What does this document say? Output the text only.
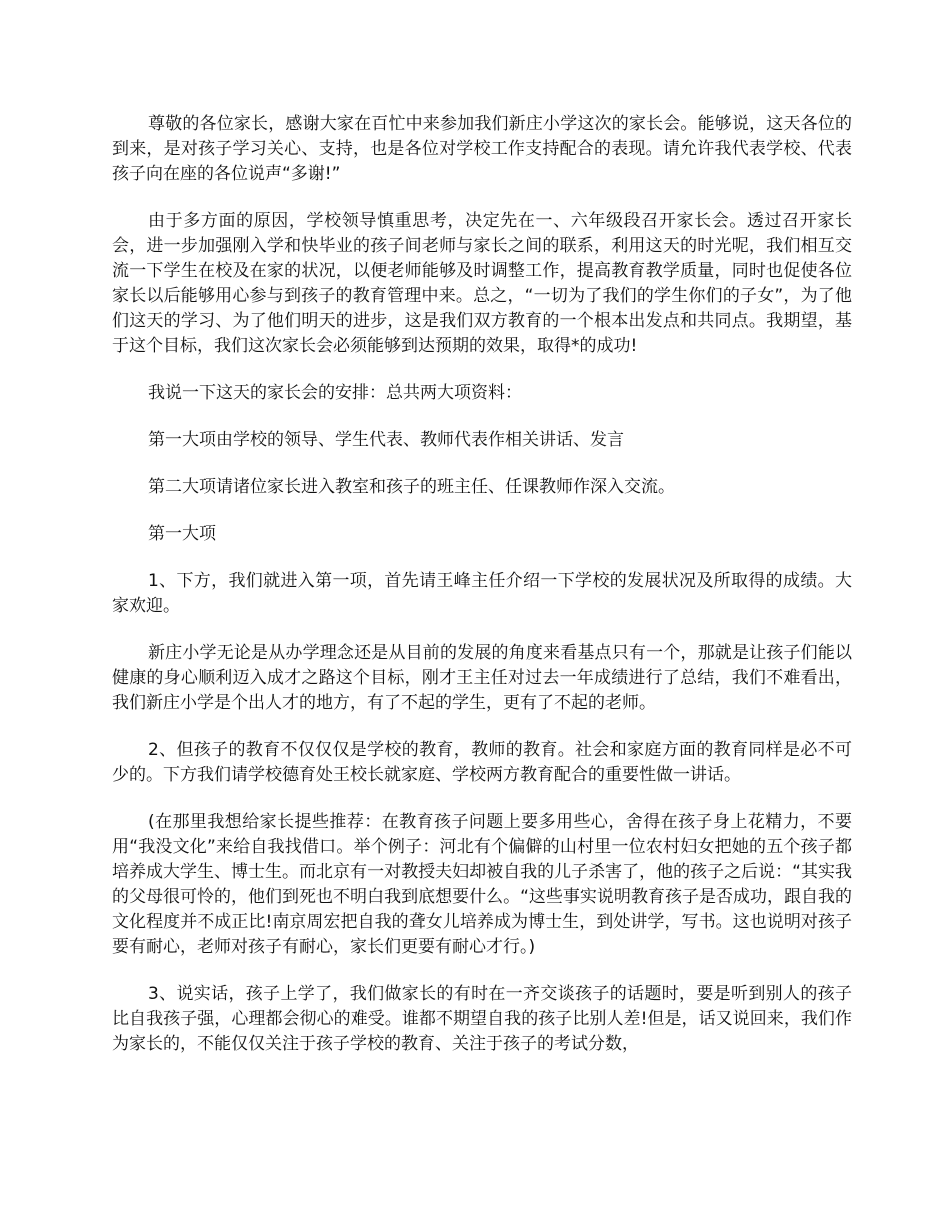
尊敬的各位家长，感谢大家在百忙中来参加我们新庄小学这次的家长会。能够说，这天各位的到来，是对孩子学习关心、支持，也是各位对学校工作支持配合的表现。请允许我代表学校、代表孩子向在座的各位说声“多谢!”

由于多方面的原因，学校领导慎重思考，决定先在一、六年级段召开家长会。透过召开家长会，进一步加强刚入学和快毕业的孩子间老师与家长之间的联系，利用这天的时光呢，我们相互交流一下学生在校及在家的状况，以便老师能够及时调整工作，提高教育教学质量，同时也促使各位家长以后能够用心参与到孩子的教育管理中来。总之，“一切为了我们的学生你们的子女”，为了他们这天的学习、为了他们明天的进步，这是我们双方教育的一个根本出发点和共同点。我期望，基于这个目标，我们这次家长会必须能够到达预期的效果，取得*的成功!

我说一下这天的家长会的安排：总共两大项资料：

第一大项由学校的领导、学生代表、教师代表作相关讲话、发言

第二大项请诸位家长进入教室和孩子的班主任、任课教师作深入交流。

第一大项

1、下方，我们就进入第一项，首先请王峰主任介绍一下学校的发展状况及所取得的成绩。大家欢迎。

新庄小学无论是从办学理念还是从目前的发展的角度来看基点只有一个，那就是让孩子们能以健康的身心顺利迈入成才之路这个目标，刚才王主任对过去一年成绩进行了总结，我们不难看出，我们新庄小学是个出人才的地方，有了不起的学生，更有了不起的老师。

2、但孩子的教育不仅仅仅是学校的教育，教师的教育。社会和家庭方面的教育同样是必不可少的。下方我们请学校德育处王校长就家庭、学校两方教育配合的重要性做一讲话。

(在那里我想给家长提些推荐：在教育孩子问题上要多用些心，舍得在孩子身上花精力，不要用“我没文化”来给自我找借口。举个例子：河北有个偏僻的山村里一位农村妇女把她的五个孩子都培养成大学生、博士生。而北京有一对教授夫妇却被自我的儿子杀害了，他的孩子之后说：“其实我的父母很可怜的，他们到死也不明白我到底想要什么。“这些事实说明教育孩子是否成功，跟自我的文化程度并不成正比!南京周宏把自我的聋女儿培养成为博士生，到处讲学，写书。这也说明对孩子要有耐心，老师对孩子有耐心，家长们更要有耐心才行。)

3、说实话，孩子上学了，我们做家长的有时在一齐交谈孩子的话题时，要是听到别人的孩子比自我孩子强，心理都会彻心的难受。谁都不期望自我的孩子比别人差!但是，话又说回来，我们作为家长的，不能仅仅关注于孩子学校的教育、关注于孩子的考试分数，
